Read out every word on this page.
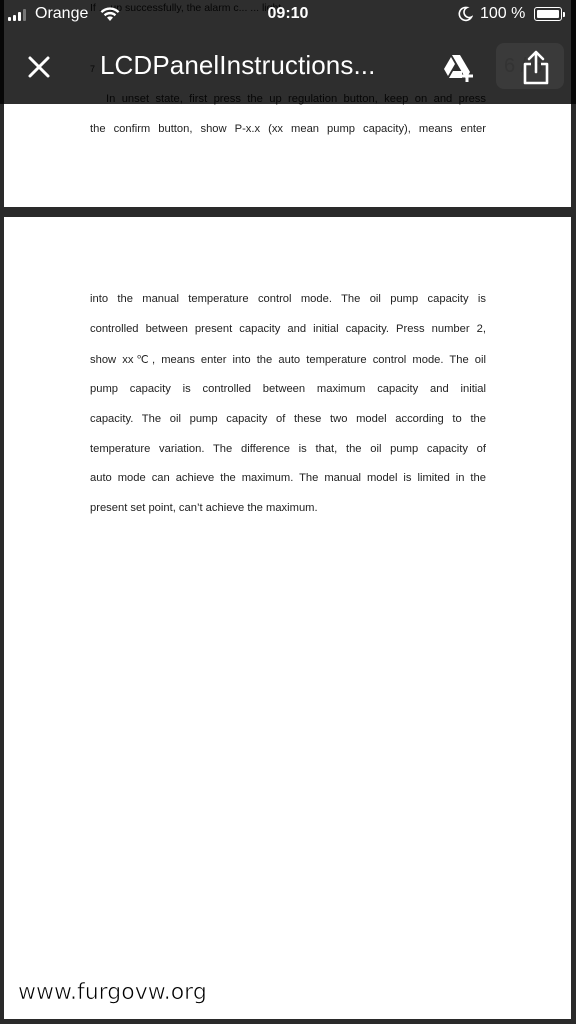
the confirm button, show P-x.x (xx mean pump capacity), means enter
into the manual temperature control mode. The oil pump capacity is
controlled between present capacity and initial capacity. Press number 2,
show xx℃, means enter into the auto temperature control mode. The oil
pump capacity is controlled between maximum capacity and initial
capacity. The oil pump capacity of these two model according to the
temperature variation. The difference is that, the oil pump capacity of
auto mode can achieve the maximum. The manual model is limited in the
present set point, can’t achieve the maximum.
Orange	09:10	100 %
LCDPanelInstructions...	6 / 6
www.furgovw.org
